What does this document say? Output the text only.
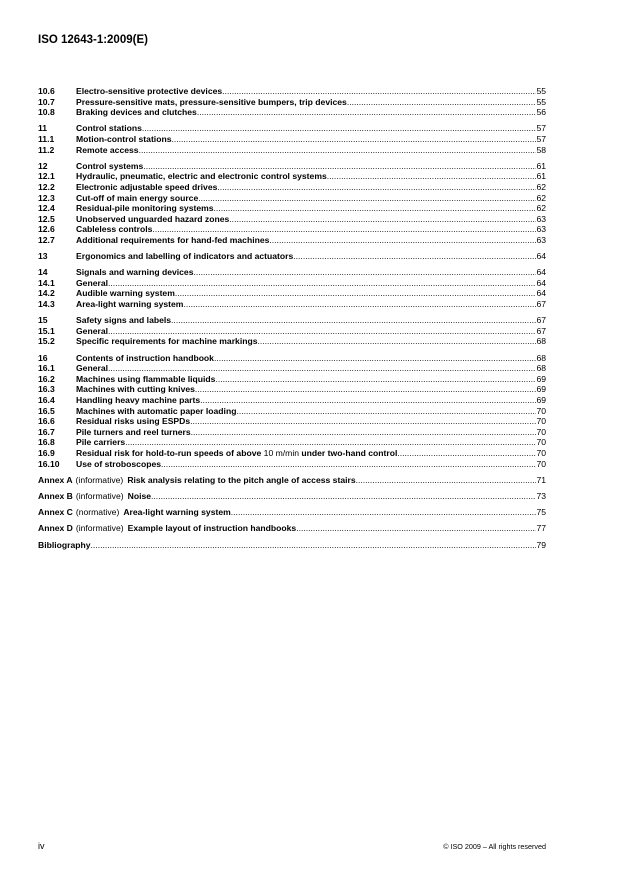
ISO 12643-1:2009(E)
10.6	Electro-sensitive protective devices .....	55
10.7	Pressure-sensitive mats, pressure-sensitive bumpers, trip devices .....	55
10.8	Braking devices and clutches .....	56
11	Control stations .....	57
11.1	Motion-control stations .....	57
11.2	Remote access .....	58
12	Control systems .....	61
12.1	Hydraulic, pneumatic, electric and electronic control systems .....	61
12.2	Electronic adjustable speed drives .....	62
12.3	Cut-off of main energy source .....	62
12.4	Residual-pile monitoring systems .....	62
12.5	Unobserved unguarded hazard zones .....	63
12.6	Cableless controls .....	63
12.7	Additional requirements for hand-fed machines .....	63
13	Ergonomics and labelling of indicators and actuators .....	64
14	Signals and warning devices .....	64
14.1	General .....	64
14.2	Audible warning system .....	64
14.3	Area-light warning system .....	67
15	Safety signs and labels .....	67
15.1	General .....	67
15.2	Specific requirements for machine markings .....	68
16	Contents of instruction handbook .....	68
16.1	General .....	68
16.2	Machines using flammable liquids .....	69
16.3	Machines with cutting knives .....	69
16.4	Handling heavy machine parts .....	69
16.5	Machines with automatic paper loading .....	70
16.6	Residual risks using ESPDs .....	70
16.7	Pile turners and reel turners .....	70
16.8	Pile carriers .....	70
16.9	Residual risk for hold-to-run speeds of above 10 m/min under two-hand control .....	70
16.10	Use of stroboscopes .....	70
Annex A (informative) Risk analysis relating to the pitch angle of access stairs .....	71
Annex B (informative) Noise .....	73
Annex C (normative) Area-light warning system .....	75
Annex D (informative) Example layout of instruction handbooks .....	77
Bibliography .....	79
iv	© ISO 2009 – All rights reserved
